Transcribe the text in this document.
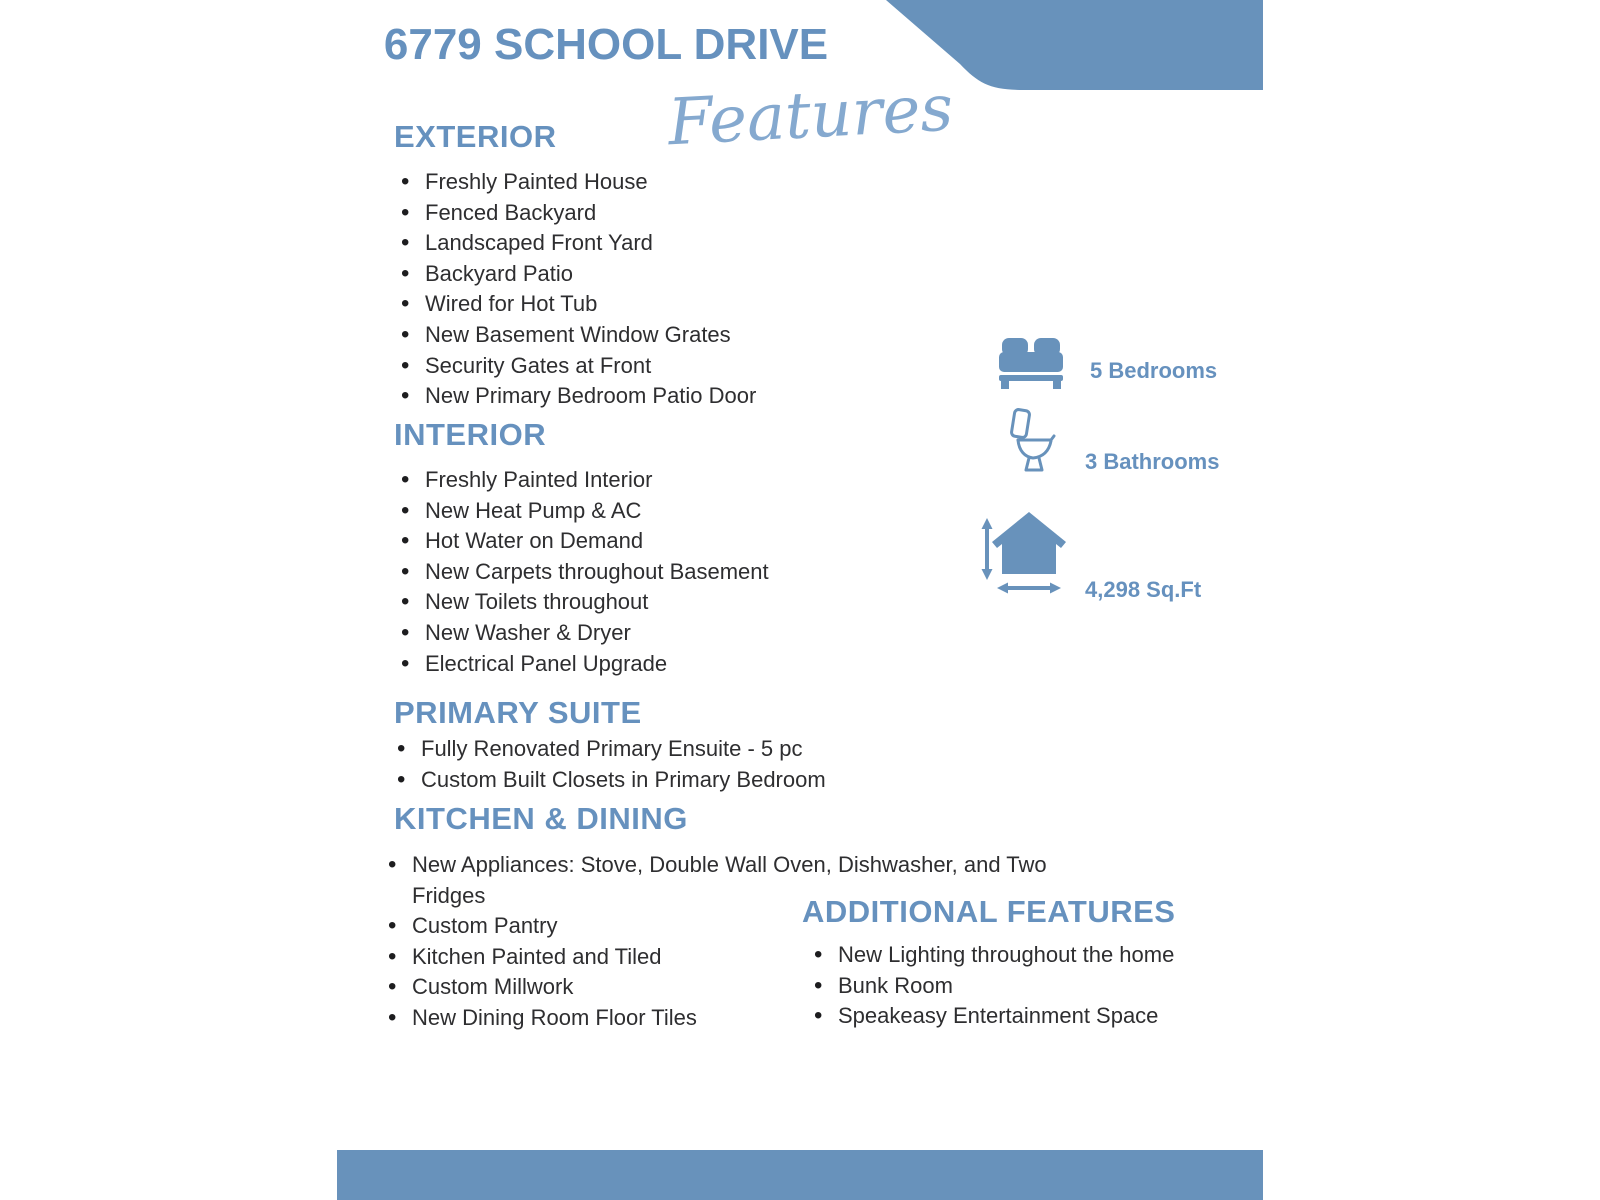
6779 SCHOOL DRIVE
Features
EXTERIOR
• Freshly Painted House
• Fenced Backyard
• Landscaped Front Yard
• Backyard Patio
• Wired for Hot Tub
• New Basement Window Grates
• Security Gates at Front
• New Primary Bedroom Patio Door
INTERIOR
• Freshly Painted Interior
• New Heat Pump & AC
• Hot Water on Demand
• New Carpets throughout Basement
• New Toilets throughout
• New Washer & Dryer
• Electrical Panel Upgrade
PRIMARY SUITE
• Fully Renovated Primary Ensuite - 5 pc
• Custom Built Closets in Primary Bedroom
KITCHEN & DINING
• New Appliances: Stove, Double Wall Oven, Dishwasher, and Two Fridges
• Custom Pantry
• Kitchen Painted and Tiled
• Custom Millwork
• New Dining Room Floor Tiles
ADDITIONAL FEATURES
• New Lighting throughout the home
• Bunk Room
• Speakeasy Entertainment Space
5 Bedrooms
3 Bathrooms
4,298 Sq.Ft
